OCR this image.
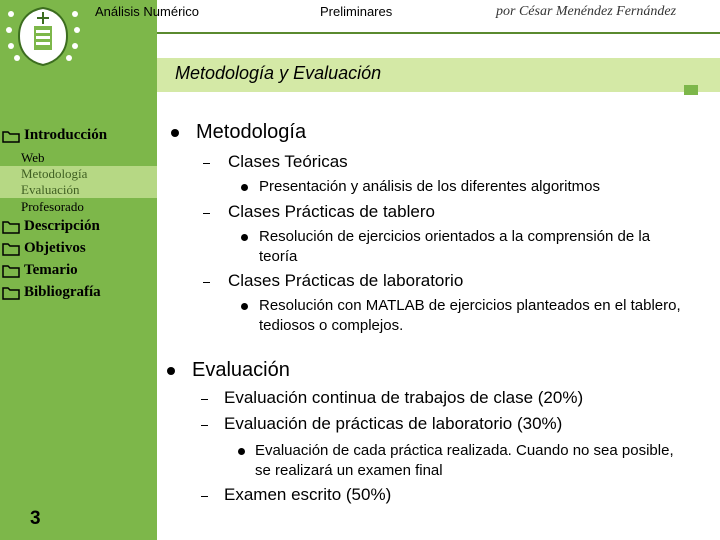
Introducción
Web
Metodología
Evaluación
Profesorado
Descripción
Objetivos
Temario
Bibliografía
3
Análisis Numérico	Preliminares	por César Menéndez Fernández
Metodología y Evaluación
Metodología
Clases Teóricas
Presentación y análisis de los diferentes algoritmos
Clases Prácticas de tablero
Resolución de ejercicios orientados a la comprensión de la teoría
Clases Prácticas de laboratorio
Resolución con MATLAB de ejercicios planteados en el tablero, tediosos o complejos.
Evaluación
Evaluación continua de trabajos de clase (20%)
Evaluación de prácticas de laboratorio (30%)
Evaluación de cada práctica realizada. Cuando no sea posible, se realizará un examen final
Examen escrito (50%)
